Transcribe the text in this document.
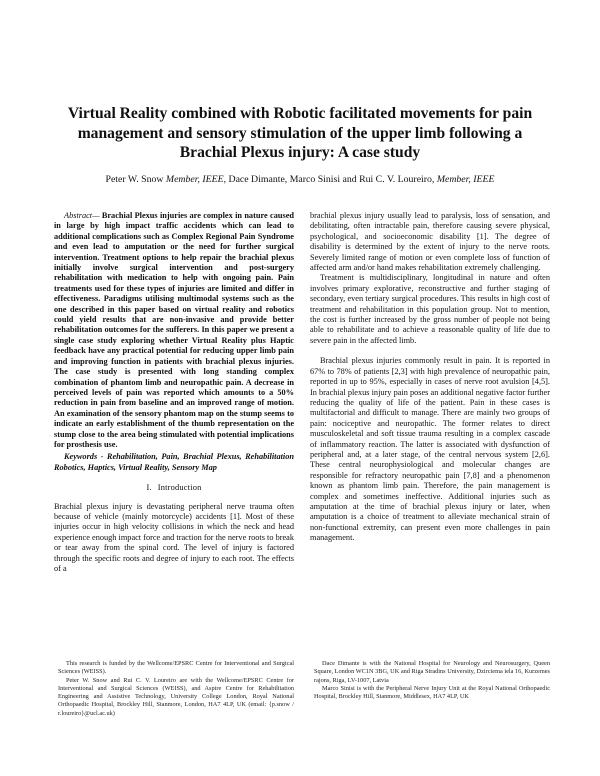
Virtual Reality combined with Robotic facilitated movements for pain management and sensory stimulation of the upper limb following a Brachial Plexus injury: A case study
Peter W. Snow Member, IEEE, Dace Dimante, Marco Sinisi and Rui C. V. Loureiro, Member, IEEE

Abstract— Brachial Plexus injuries are complex in nature caused in large by high impact traffic accidents which can lead to additional complications such as Complex Regional Pain Syndrome and even lead to amputation or the need for further surgical intervention. Treatment options to help repair the brachial plexus initially involve surgical intervention and post-surgery rehabilitation with medication to help with ongoing pain. Pain treatments used for these types of injuries are limited and differ in effectiveness. Paradigms utilising multimodal systems such as the one described in this paper based on virtual reality and robotics could yield results that are non-invasive and provide better rehabilitation outcomes for the sufferers. In this paper we present a single case study exploring whether Virtual Reality plus Haptic feedback have any practical potential for reducing upper limb pain and improving function in patients with brachial plexus injuries. The case study is presented with long standing complex combination of phantom limb and neuropathic pain. A decrease in perceived levels of pain was reported which amounts to a 50% reduction in pain from baseline and an improved range of motion. An examination of the sensory phantom map on the stump seems to indicate an early establishment of the thumb representation on the stump close to the area being stimulated with potential implications for prosthesis use.

Keywords - Rehabilitation, Pain, Brachial Plexus, Rehabilitation Robotics, Haptics, Virtual Reality, Sensory Map

I. Introduction

Brachial plexus injury is devastating peripheral nerve trauma often because of vehicle (mainly motorcycle) accidents [1]. Most of these injuries occur in high velocity collisions in which the neck and head experience enough impact force and traction for the nerve roots to break or tear away from the spinal cord. The level of injury is factored through the specific roots and degree of injury to each root. The effects of a

brachial plexus injury usually lead to paralysis, loss of sensation, and debilitating, often intractable pain, therefore causing severe physical, psychological, and socioeconomic disability [1]. The degree of disability is determined by the extent of injury to the nerve roots. Severely limited range of motion or even complete loss of function of affected arm and/or hand makes rehabilitation extremely challenging.

Treatment is multidisciplinary, longitudinal in nature and often involves primary explorative, reconstructive and further staging of secondary, even tertiary surgical procedures. This results in high cost of treatment and rehabilitation in this population group. Not to mention, the cost is further increased by the gross number of people not being able to rehabilitate and to achieve a reasonable quality of life due to severe pain in the affected limb.

Brachial plexus injuries commonly result in pain. It is reported in 67% to 78% of patients [2,3] with high prevalence of neuropathic pain, reported in up to 95%, especially in cases of nerve root avulsion [4,5]. In brachial plexus injury pain poses an additional negative factor further reducing the quality of life of the patient. Pain in these cases is multifactorial and difficult to manage. There are mainly two groups of pain: nociceptive and neuropathic. The former relates to direct musculoskeletal and soft tissue trauma resulting in a complex cascade of inflammatory reaction. The latter is associated with dysfunction of peripheral and, at a later stage, of the central nervous system [2,6]. These central neurophysiological and molecular changes are responsible for refractory neuropathic pain [7,8] and a phenomenon known as phantom limb pain. Therefore, the pain management is complex and sometimes ineffective. Additional injuries such as amputation at the time of brachial plexus injury or later, when amputation is a choice of treatment to alleviate mechanical strain of non-functional extremity, can present even more challenges in pain management.

This research is funded by the Wellcome/EPSRC Centre for Interventional and Surgical Sciences (WEISS).

Peter W. Snow and Rui C. V. Loureiro are with the Wellcome/EPSRC Centre for Interventional and Surgical Sciences (WEISS), and Aspire Centre for Rehabilitation Engineering and Assistive Technology, University College London, Royal National Orthopaedic Hospital, Brockley Hill, Stanmore, London, HA7 4LP, UK (email: {p.snow / r.loureiro}@ucl.ac.uk)

Dace Dimante is with the National Hospital for Neurology and Neurosurgery, Queen Square, London WC1N 3BG, UK and Riga Stradins University, Dzirciema iela 16, Kurzemes rajons, Riga, LV-1007, Latvia

Marco Sinisi is with the Peripheral Nerve Injury Unit at the Royal National Orthopaedic Hospital, Brockley Hill, Stanmore, Middlesex, HA7 4LP, UK
